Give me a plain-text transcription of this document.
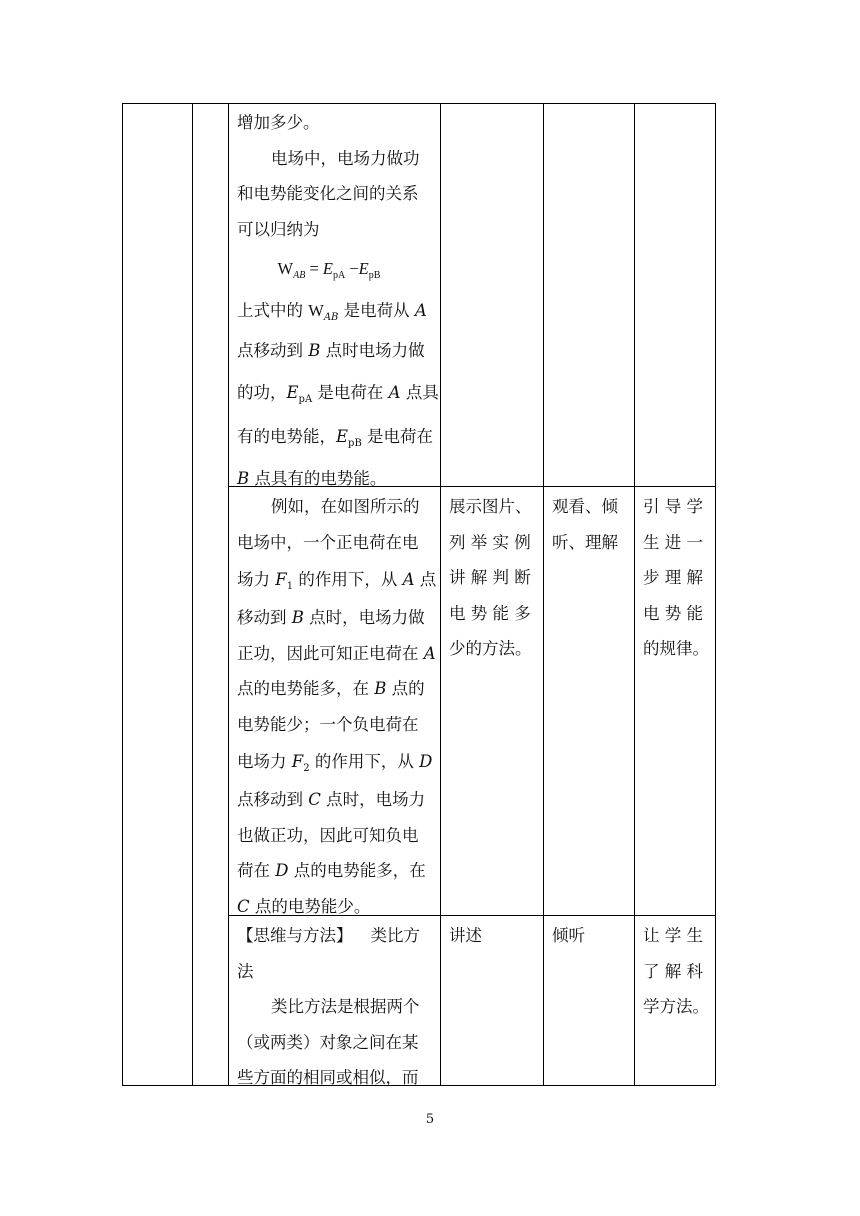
增加多少。

电场中，电场力做功

和电势能变化之间的关系

可以归纳为

$W_{AB} = E_{pA} -E_{pB}$

上式中的 $W_{AB}$ 是电荷从 A

点移动到 B 点时电场力做

的功，$E_{pA}$ 是电荷在 A 点具

有的电势能，$E_{pB}$ 是电荷在

B 点具有的电势能。

例如，在如图所示的

电场中，一个正电荷在电

场力 $F_1$ 的作用下，从 A 点

移动到 B 点时，电场力做

正功，因此可知正电荷在 A

点的电势能多，在 B 点的

电势能少；一个负电荷在

电场力 $F_2$ 的作用下，从 D

点移动到 C 点时，电场力

也做正功，因此可知负电

荷在 D 点的电势能多，在

C 点的电势能少。

展示图片、

列 举 实 例

讲 解 判 断

电 势 能 多

少的方法。

观看、倾

听、理解

引 导 学

生 进 一

步 理 解

电 势 能

的规律。

【思维与方法】 类比方

法

类比方法是根据两个

（或两类）对象之间在某

些方面的相同或相似，而

讲述	倾听	让 学 生

了 解 科

学方法。

5
